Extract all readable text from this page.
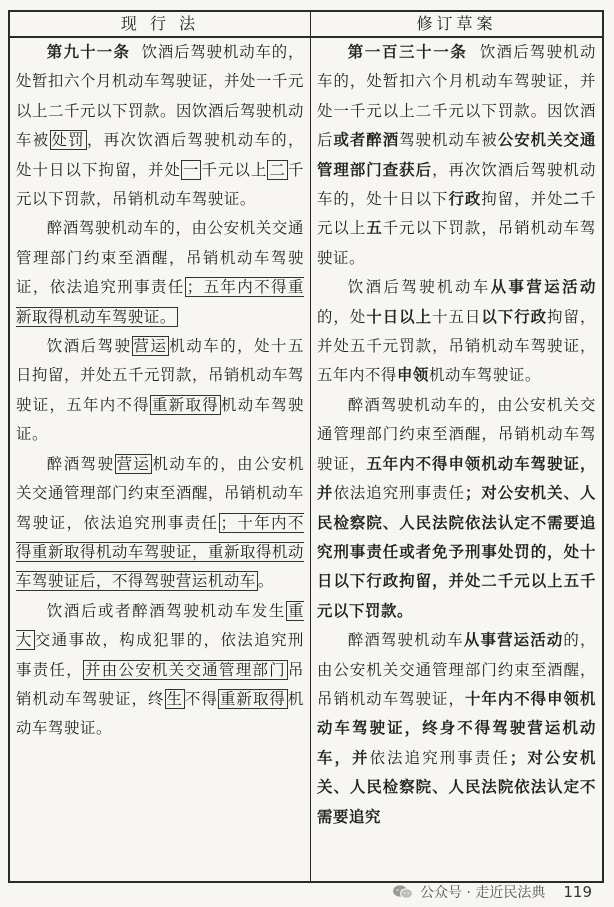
现 行 法	修订草案

第九十一条 饮酒后驾驶机动车的，处暂扣六个月机动车驾驶证，并处一千元以上二千元以下罚款。因饮酒后驾驶机动车被 处罚 ，再次饮酒后驾驶机动车的，处十日以下拘留，并处 一 千元以上 二 千元以下罚款，吊销机动车驾驶证。

醉酒驾驶机动车的，由公安机关交通管理部门约束至酒醒，吊销机动车驾驶证，依法追究刑事责任 ；五年内不得重新取得机动车驾驶证。

饮酒后驾驶 营运 机动车的，处十五日拘留，并处五千元罚款，吊销机动车驾驶证，五年内不得 重新取得 机动车驾驶证。

醉酒驾驶 营运 机动车的，由公安机关交通管理部门约束至酒醒，吊销机动车驾驶证，依法追究刑事责任 ；十年内不得重新取得机动车驾驶证，重新取得机动车驾驶证后，不得驾驶营运机动车 。

饮酒后或者醉酒驾驶机动车发生 重大 交通事故，构成犯罪的，依法追究刑事责任， 并由公安机关交通管理部门 吊销机动车驾驶证，终 生 不得 重新取得 机动车驾驶证。

第一百三十一条 饮酒后驾驶机动车的，处暂扣六个月机动车驾驶证，并处一千元以上二千元以下罚款。因饮酒后或者醉酒驾驶机动车被公安机关交通管理部门查获后，再次饮酒后驾驶机动车的，处十日以下行政拘留，并处二千元以上五千元以下罚款，吊销机动车驾驶证。

饮酒后驾驶机动车从事营运活动的，处十日以上十五日以下行政拘留，并处五千元罚款，吊销机动车驾驶证，五年内不得申领机动车驾驶证。

醉酒驾驶机动车的，由公安机关交通管理部门约束至酒醒，吊销机动车驾驶证，五年内不得申领机动车驾驶证，并依法追究刑事责任；对公安机关、人民检察院、人民法院依法认定不需要追究刑事责任或者免予刑事处罚的，处十日以下行政拘留，并处二千元以上五千元以下罚款。

醉酒驾驶机动车从事营运活动的，由公安机关交通管理部门约束至酒醒，吊销机动车驾驶证，十年内不得申领机动车驾驶证，终身不得驾驶营运机动车，并依法追究刑事责任；对公安机关、人民检察院、人民法院依法认定不需要追究

公众号 · 走近民法典 119
